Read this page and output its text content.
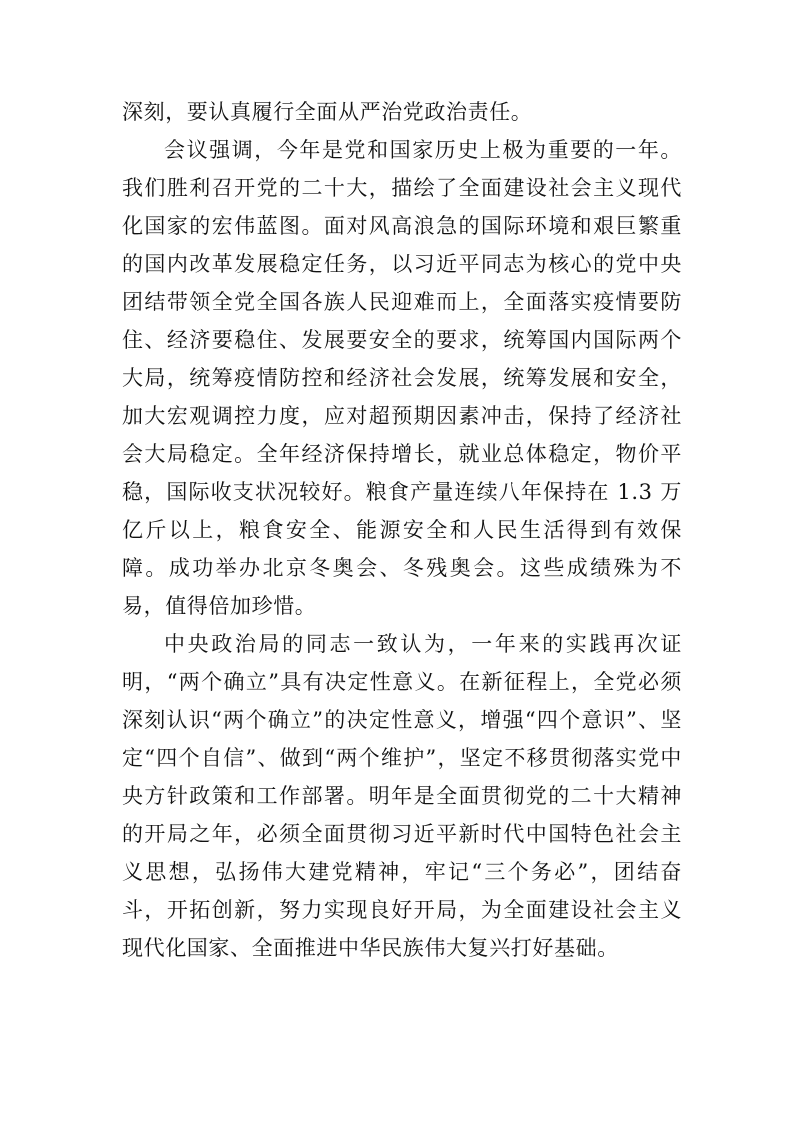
深刻，要认真履行全面从严治党政治责任。

会议强调，今年是党和国家历史上极为重要的一年。我们胜利召开党的二十大，描绘了全面建设社会主义现代化国家的宏伟蓝图。面对风高浪急的国际环境和艰巨繁重的国内改革发展稳定任务，以习近平同志为核心的党中央团结带领全党全国各族人民迎难而上，全面落实疫情要防住、经济要稳住、发展要安全的要求，统筹国内国际两个大局，统筹疫情防控和经济社会发展，统筹发展和安全，加大宏观调控力度，应对超预期因素冲击，保持了经济社会大局稳定。全年经济保持增长，就业总体稳定，物价平稳，国际收支状况较好。粮食产量连续八年保持在 1.3 万亿斤以上，粮食安全、能源安全和人民生活得到有效保障。成功举办北京冬奥会、冬残奥会。这些成绩殊为不易，值得倍加珍惜。

中央政治局的同志一致认为，一年来的实践再次证明，“两个确立”具有决定性意义。在新征程上，全党必须深刻认识“两个确立”的决定性意义，增强“四个意识”、坚定“四个自信”、做到“两个维护”，坚定不移贯彻落实党中央方针政策和工作部署。明年是全面贯彻党的二十大精神的开局之年，必须全面贯彻习近平新时代中国特色社会主义思想，弘扬伟大建党精神，牢记“三个务必”，团结奋斗，开拓创新，努力实现良好开局，为全面建设社会主义现代化国家、全面推进中华民族伟大复兴打好基础。
